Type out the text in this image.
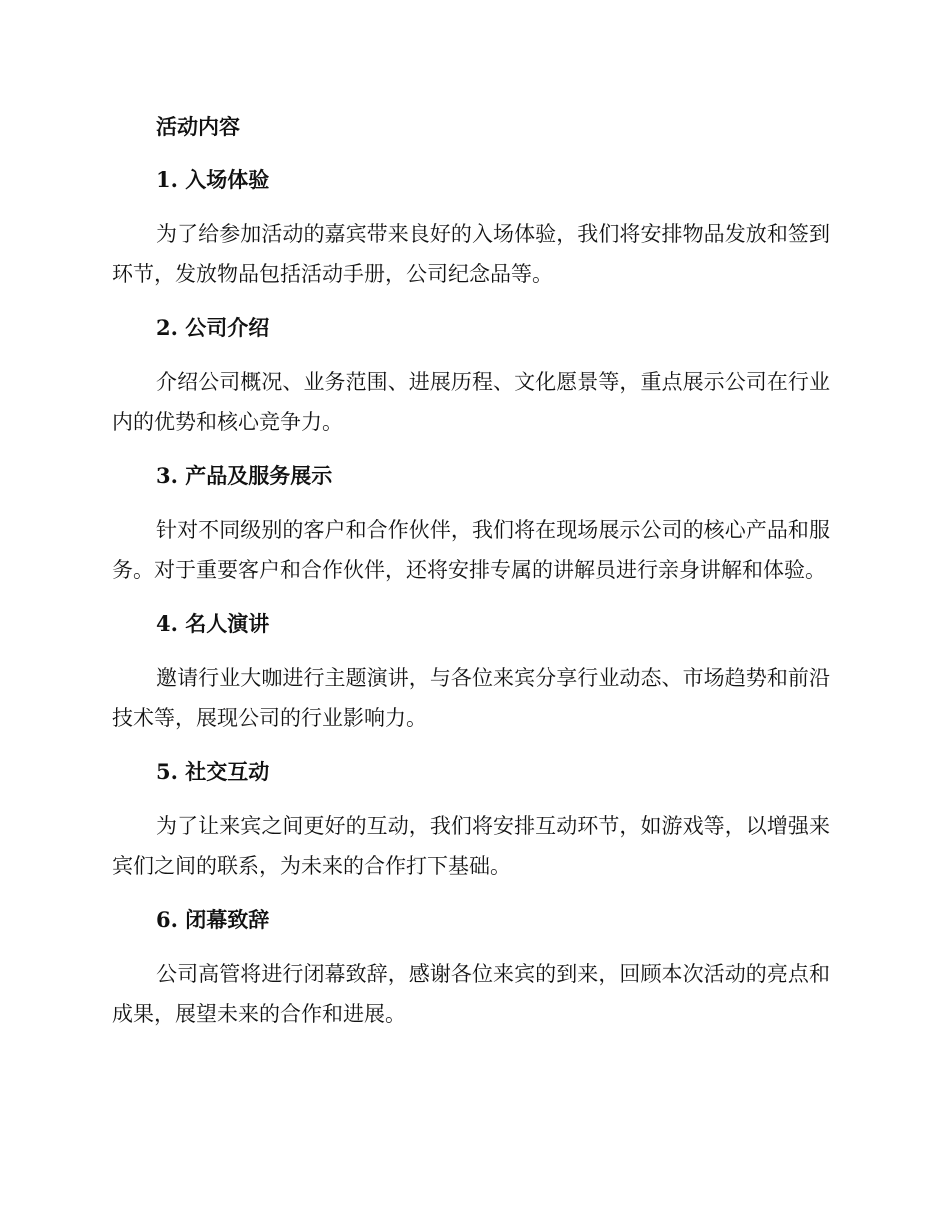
活动内容
1. 入场体验
为了给参加活动的嘉宾带来良好的入场体验，我们将安排物品发放和签到环节，发放物品包括活动手册，公司纪念品等。
2. 公司介绍
介绍公司概况、业务范围、进展历程、文化愿景等，重点展示公司在行业内的优势和核心竞争力。
3. 产品及服务展示
针对不同级别的客户和合作伙伴，我们将在现场展示公司的核心产品和服务。对于重要客户和合作伙伴，还将安排专属的讲解员进行亲身讲解和体验。
4. 名人演讲
邀请行业大咖进行主题演讲，与各位来宾分享行业动态、市场趋势和前沿技术等，展现公司的行业影响力。
5. 社交互动
为了让来宾之间更好的互动，我们将安排互动环节，如游戏等，以增强来宾们之间的联系，为未来的合作打下基础。
6. 闭幕致辞
公司高管将进行闭幕致辞，感谢各位来宾的到来，回顾本次活动的亮点和成果，展望未来的合作和进展。
